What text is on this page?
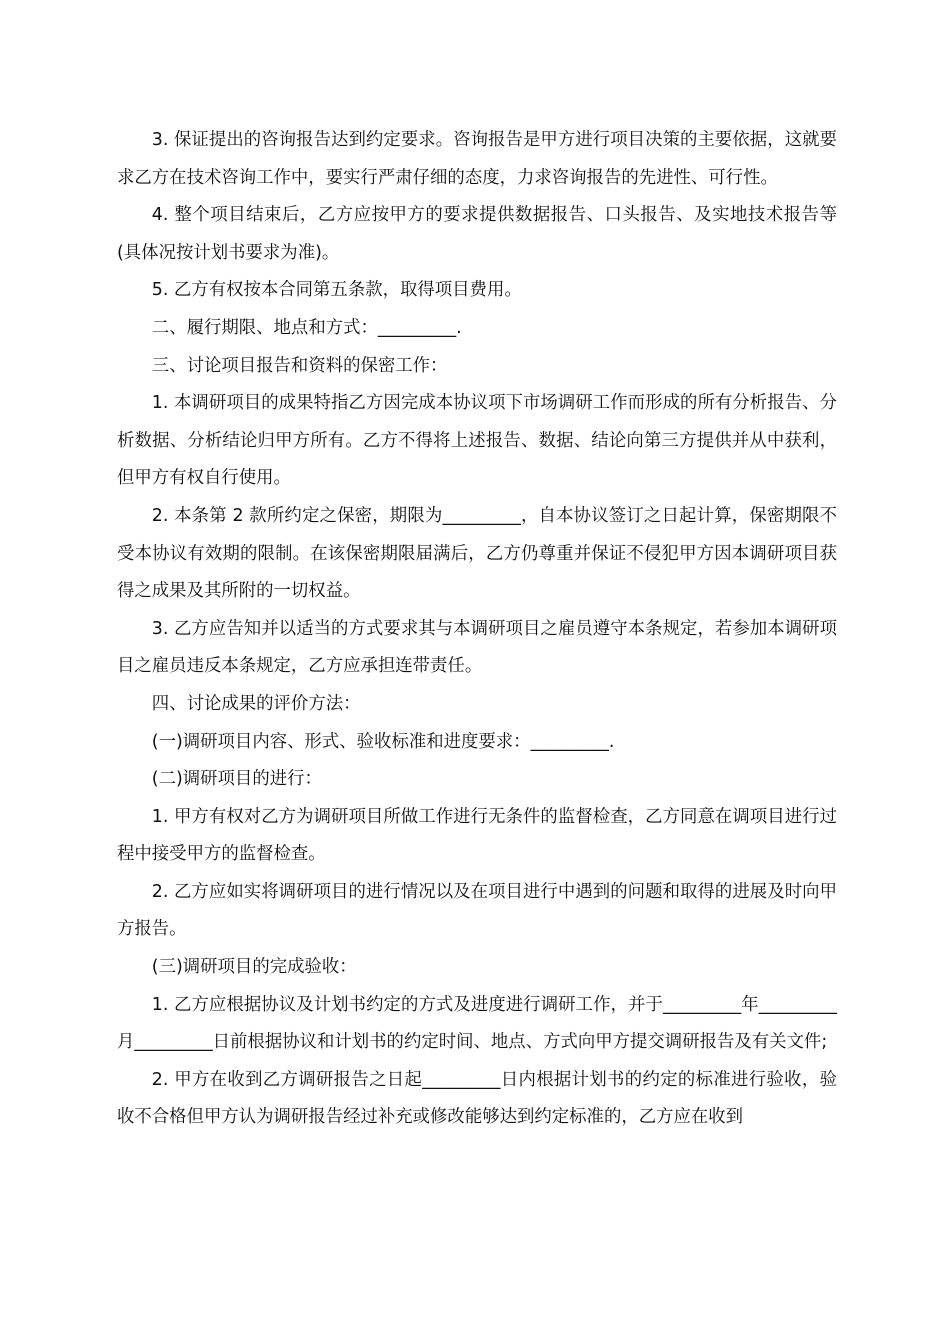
3. 保证提出的咨询报告达到约定要求。咨询报告是甲方进行项目决策的主要依据，这就要求乙方在技术咨询工作中，要实行严肃仔细的态度，力求咨询报告的先进性、可行性。

4. 整个项目结束后，乙方应按甲方的要求提供数据报告、口头报告、及实地技术报告等(具体况按计划书要求为准)。

5. 乙方有权按本合同第五条款，取得项目费用。

二、履行期限、地点和方式：_________.

三、讨论项目报告和资料的保密工作：

1. 本调研项目的成果特指乙方因完成本协议项下市场调研工作而形成的所有分析报告、分析数据、分析结论归甲方所有。乙方不得将上述报告、数据、结论向第三方提供并从中获利，但甲方有权自行使用。

2. 本条第 2 款所约定之保密，期限为_________，自本协议签订之日起计算，保密期限不受本协议有效期的限制。在该保密期限届满后，乙方仍尊重并保证不侵犯甲方因本调研项目获得之成果及其所附的一切权益。

3. 乙方应告知并以适当的方式要求其与本调研项目之雇员遵守本条规定，若参加本调研项目之雇员违反本条规定，乙方应承担连带责任。

四、讨论成果的评价方法：

(一)调研项目内容、形式、验收标准和进度要求：_________.

(二)调研项目的进行：

1. 甲方有权对乙方为调研项目所做工作进行无条件的监督检查，乙方同意在调项目进行过程中接受甲方的监督检查。

2. 乙方应如实将调研项目的进行情况以及在项目进行中遇到的问题和取得的进展及时向甲方报告。

(三)调研项目的完成验收：

1. 乙方应根据协议及计划书约定的方式及进度进行调研工作，并于_________年_________月_________日前根据协议和计划书的约定时间、地点、方式向甲方提交调研报告及有关文件;

2. 甲方在收到乙方调研报告之日起_________日内根据计划书的约定的标准进行验收，验收不合格但甲方认为调研报告经过补充或修改能够达到约定标准的，乙方应在收到
